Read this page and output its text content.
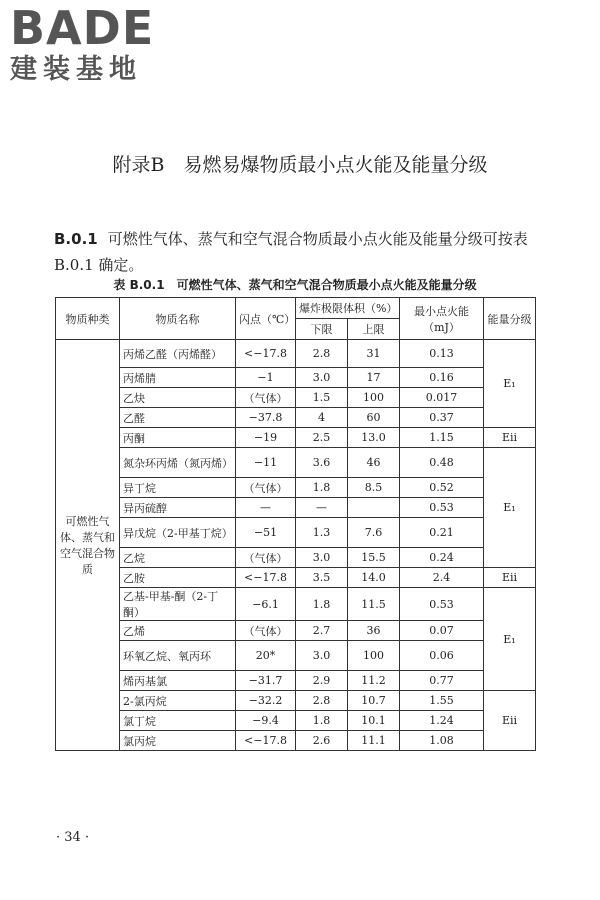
BADE
建装基地
附录B　易燃易爆物质最小点火能及能量分级
B.0.1 可燃性气体、蒸气和空气混合物质最小点火能及能量分级可按表 B.0.1 确定。
表 B.0.1　可燃性气体、蒸气和空气混合物质最小点火能及能量分级
物质种类	物质名称	闪点（℃）	爆炸极限体积（%）		最小点火能（mJ）	能量分级
			下限	上限		
可燃性气体、蒸气和空气混合物质	丙烯乙醛（丙烯醛）	<−17.8	2.8	31	0.13	E₁
	丙烯腈	−1	3.0	17	0.16	
	乙炔	（气体）	1.5	100	0.017	
	乙醛	−37.8	4	60	0.37	
	丙酮	−19	2.5	13.0	1.15	Eⅱ
	氮杂环丙烯（氮丙烯）	−11	3.6	46	0.48	E₁
	异丁烷	（气体）	1.8	8.5	0.52	
	异丙硫醇	—	—		0.53	
	异戊烷（2-甲基丁烷）	−51	1.3	7.6	0.21	
	乙烷	（气体）	3.0	15.5	0.24	
	乙胺	<−17.8	3.5	14.0	2.4	Eⅱ
	乙基-甲基-酮（2-丁酮）	−6.1	1.8	11.5	0.53	E₁
	乙烯	（气体）	2.7	36	0.07	
	环氧乙烷、氧丙环	20*	3.0	100	0.06	
	烯丙基氯	−31.7	2.9	11.2	0.77	
	2-氯丙烷	−32.2	2.8	10.7	1.55	Eⅱ
	氯丁烷	−9.4	1.8	10.1	1.24	
	氯丙烷	<−17.8	2.6	11.1	1.08	
· 34 ·
